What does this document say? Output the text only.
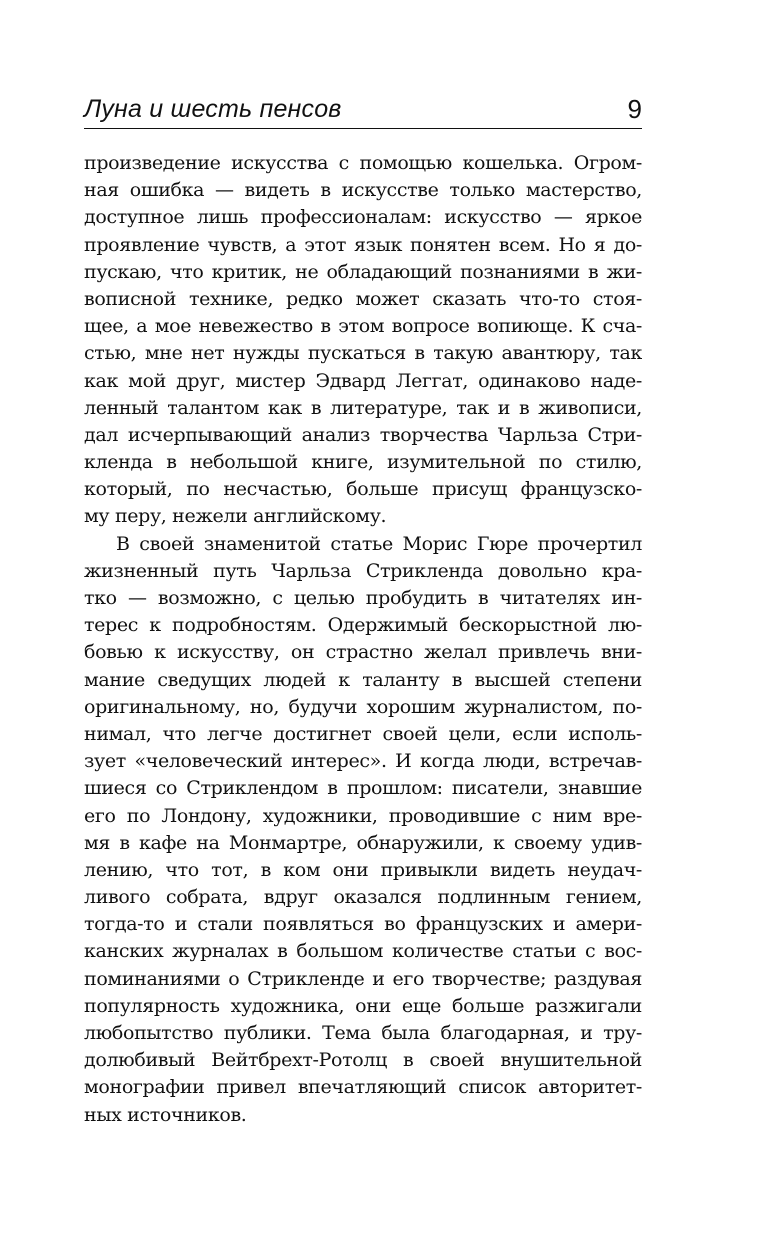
Луна и шесть пенсов	9
произведение искусства с помощью кошелька. Огром-
ная ошибка — видеть в искусстве только мастерство,
доступное лишь профессионалам: искусство — яркое
проявление чувств, а этот язык понятен всем. Но я до-
пускаю, что критик, не обладающий познаниями в жи-
вописной технике, редко может сказать что-то стоя-
щее, а мое невежество в этом вопросе вопиюще. К сча-
стью, мне нет нужды пускаться в такую авантюру, так
как мой друг, мистер Эдвард Леггат, одинаково наде-
ленный талантом как в литературе, так и в живописи,
дал исчерпывающий анализ творчества Чарльза Стри-
кленда в небольшой книге, изумительной по стилю,
который, по несчастью, больше присущ французско-
му перу, нежели английскому.
В своей знаменитой статье Морис Гюре прочертил
жизненный путь Чарльза Стрикленда довольно кра-
тко — возможно, с целью пробудить в читателях ин-
терес к подробностям. Одержимый бескорыстной лю-
бовью к искусству, он страстно желал привлечь вни-
мание сведущих людей к таланту в высшей степени
оригинальному, но, будучи хорошим журналистом, по-
нимал, что легче достигнет своей цели, если исполь-
зует «человеческий интерес». И когда люди, встречав-
шиеся со Стриклендом в прошлом: писатели, знавшие
его по Лондону, художники, проводившие с ним вре-
мя в кафе на Монмартре, обнаружили, к своему удив-
лению, что тот, в ком они привыкли видеть неудач-
ливого собрата, вдруг оказался подлинным гением,
тогда-то и стали появляться во французских и амери-
канских журналах в большом количестве статьи с вос-
поминаниями о Стрикленде и его творчестве; раздувая
популярность художника, они еще больше разжигали
любопытство публики. Тема была благодарная, и тру-
долюбивый Вейтбрехт-Ротолц в своей внушительной
монографии привел впечатляющий список авторитет-
ных источников.
